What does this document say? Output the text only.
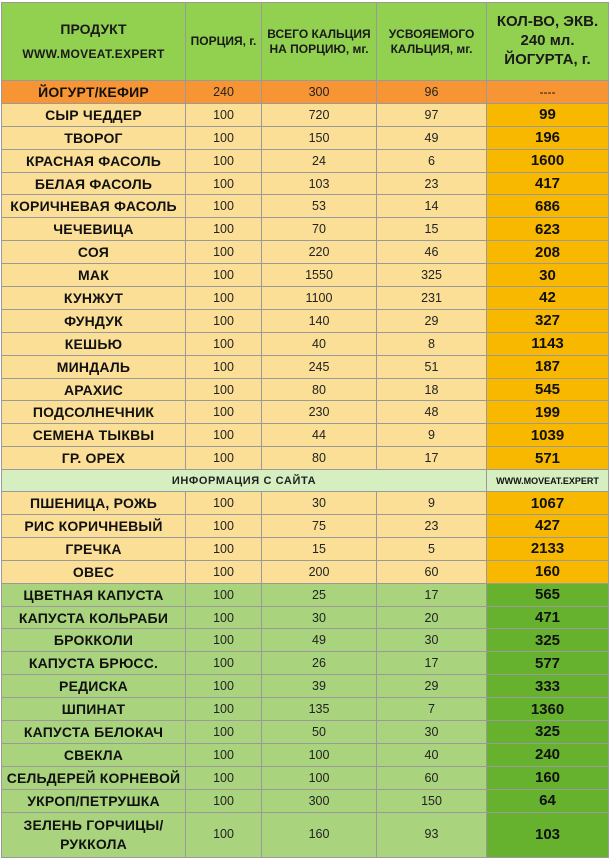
ПРОДУКТ
WWW.MOVEAT.EXPERT	ПОРЦИЯ, г.	ВСЕГО КАЛЬЦИЯ НА ПОРЦИЮ, мг.	УСВОЯЕМОГО КАЛЬЦИЯ, мг.	КОЛ-ВО, ЭКВ. 240 мл. ЙОГУРТА, г.
ЙОГУРТ/КЕФИР	240	300	96	----
СЫР ЧЕДДЕР	100	720	97	99
ТВОРОГ	100	150	49	196
КРАСНАЯ ФАСОЛЬ	100	24	6	1600
БЕЛАЯ ФАСОЛЬ	100	103	23	417
КОРИЧНЕВАЯ ФАСОЛЬ	100	53	14	686
ЧЕЧЕВИЦА	100	70	15	623
СОЯ	100	220	46	208
МАК	100	1550	325	30
КУНЖУТ	100	1100	231	42
ФУНДУК	100	140	29	327
КЕШЬЮ	100	40	8	1143
МИНДАЛЬ	100	245	51	187
АРАХИС	100	80	18	545
ПОДСОЛНЕЧНИК	100	230	48	199
СЕМЕНА ТЫКВЫ	100	44	9	1039
ГР. ОРЕХ	100	80	17	571
ИНФОРМАЦИЯ С САЙТА				WWW.MOVEAT.EXPERT
ПШЕНИЦА, РОЖЬ	100	30	9	1067
РИС КОРИЧНЕВЫЙ	100	75	23	427
ГРЕЧКА	100	15	5	2133
ОВЕС	100	200	60	160
ЦВЕТНАЯ КАПУСТА	100	25	17	565
КАПУСТА КОЛЬРАБИ	100	30	20	471
БРОККОЛИ	100	49	30	325
КАПУСТА БРЮСС.	100	26	17	577
РЕДИСКА	100	39	29	333
ШПИНАТ	100	135	7	1360
КАПУСТА БЕЛОКАЧ	100	50	30	325
СВЕКЛА	100	100	40	240
СЕЛЬДЕРЕЙ КОРНЕВОЙ	100	100	60	160
УКРОП/ПЕТРУШКА	100	300	150	64
ЗЕЛЕНЬ ГОРЧИЦЫ/РУККОЛА	100	160	93	103
